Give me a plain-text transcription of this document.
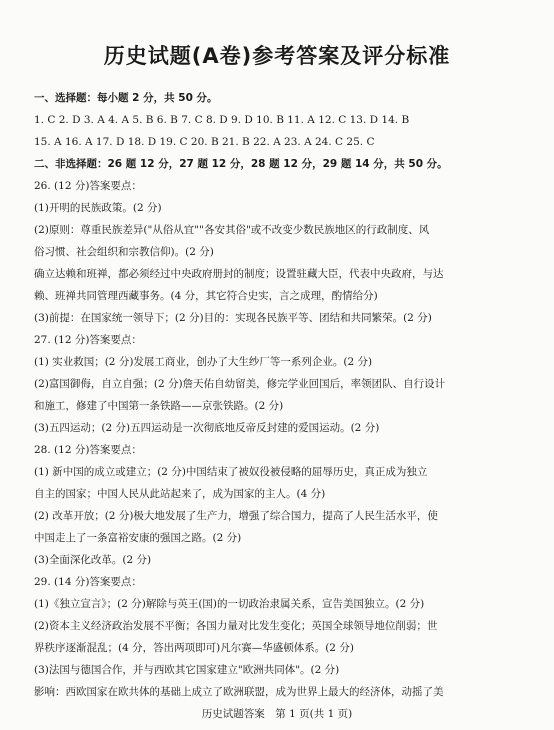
历史试题(A卷)参考答案及评分标准
一、选择题：每小题 2 分，共 50 分。
1. C 2. D 3. A 4. A 5. B 6. B 7. C 8. D 9. D 10. B 11. A 12. C 13. D 14. B
15. A 16. A 17. D 18. D 19. C 20. B 21. B 22. A 23. A 24. C 25. C
二、非选择题：26 题 12 分，27 题 12 分，28 题 12 分，29 题 14 分，共 50 分。
26. (12 分)答案要点：
(1)开明的民族政策。(2 分)
(2)原则：尊重民族差异("从俗从宜""各安其俗"或不改变少数民族地区的行政制度、风
俗习惯、社会组织和宗教信仰)。(2 分)
确立达赖和班禅，都必须经过中央政府册封的制度；设置驻藏大臣，代表中央政府，与达
赖、班禅共同管理西藏事务。(4 分，其它符合史实，言之成理，酌情给分)
(3)前提：在国家统一领导下；(2 分)目的：实现各民族平等、团结和共同繁荣。(2 分)
27. (12 分)答案要点：
(1) 实业救国；(2 分)发展工商业，创办了大生纱厂等一系列企业。(2 分)
(2)富国御侮，自立自强；(2 分)詹天佑自幼留美，修完学业回国后，率领团队、自行设计
和施工，修建了中国第一条铁路——京张铁路。(2 分)
(3)五四运动；(2 分)五四运动是一次彻底地反帝反封建的爱国运动。(2 分)
28. (12 分)答案要点：
(1) 新中国的成立或建立；(2 分)中国结束了被奴役被侵略的屈辱历史，真正成为独立
自主的国家；中国人民从此站起来了，成为国家的主人。(4 分)
(2) 改革开放；(2 分)极大地发展了生产力，增强了综合国力，提高了人民生活水平，使
中国走上了一条富裕安康的强国之路。(2 分)
(3)全面深化改革。(2 分)
29. (14 分)答案要点：
(1)《独立宣言》；(2 分)解除与英王(国)的一切政治隶属关系，宣告美国独立。(2 分)
(2)资本主义经济政治发展不平衡；各国力量对比发生变化；英国全球领导地位削弱；世
界秩序逐渐混乱；(4 分，答出两项即可)凡尔赛—华盛顿体系。(2 分)
(3)法国与德国合作，并与西欧其它国家建立"欧洲共同体"。(2 分)
影响：西欧国家在欧共体的基础上成立了欧洲联盟，成为世界上最大的经济体，动摇了美
历史试题答案　第 1 页(共 1 页)
